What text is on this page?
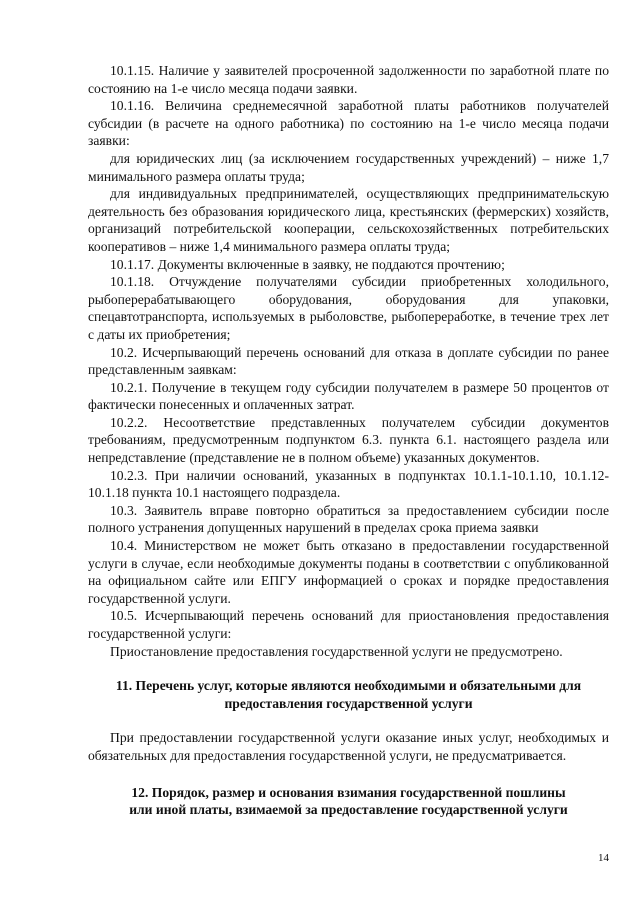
10.1.15. Наличие у заявителей просроченной задолженности по заработной плате по состоянию на 1-е число месяца подачи заявки.

10.1.16. Величина среднемесячной заработной платы работников получателей субсидии (в расчете на одного работника) по состоянию на 1-е число месяца подачи заявки:

для юридических лиц (за исключением государственных учреждений) – ниже 1,7 минимального размера оплаты труда;

для индивидуальных предпринимателей, осуществляющих предпринимательскую деятельность без образования юридического лица, крестьянских (фермерских) хозяйств, организаций потребительской кооперации, сельскохозяйственных потребительских кооперативов – ниже 1,4 минимального размера оплаты труда;

10.1.17. Документы включенные в заявку, не поддаются прочтению;

10.1.18. Отчуждение получателями субсидии приобретенных холодильного, рыбоперерабатывающего оборудования, оборудования для упаковки, спецавтотранспорта, используемых в рыболовстве, рыбопереработке, в течение трех лет с даты их приобретения;

10.2. Исчерпывающий перечень оснований для отказа в доплате субсидии по ранее представленным заявкам:

10.2.1. Получение в текущем году субсидии получателем в размере 50 процентов от фактически понесенных и оплаченных затрат.

10.2.2. Несоответствие представленных получателем субсидии документов требованиям, предусмотренным подпунктом 6.3. пункта 6.1. настоящего раздела или непредставление (представление не в полном объеме) указанных документов.

10.2.3. При наличии оснований, указанных в подпунктах 10.1.1-10.1.10, 10.1.12-10.1.18 пункта 10.1 настоящего подраздела.

10.3. Заявитель вправе повторно обратиться за предоставлением субсидии после полного устранения допущенных нарушений в пределах срока приема заявки

10.4. Министерством не может быть отказано в предоставлении государственной услуги в случае, если необходимые документы поданы в соответствии с опубликованной на официальном сайте или ЕПГУ информацией о сроках и порядке предоставления государственной услуги.

10.5. Исчерпывающий перечень оснований для приостановления предоставления государственной услуги:

Приостановление предоставления государственной услуги не предусмотрено.

11. Перечень услуг, которые являются необходимыми и обязательными для
предоставления государственной услуги

При предоставлении государственной услуги оказание иных услуг, необходимых и обязательных для предоставления государственной услуги, не предусматривается.

12. Порядок, размер и основания взимания государственной пошлины
или иной платы, взимаемой за предоставление государственной услуги
14
